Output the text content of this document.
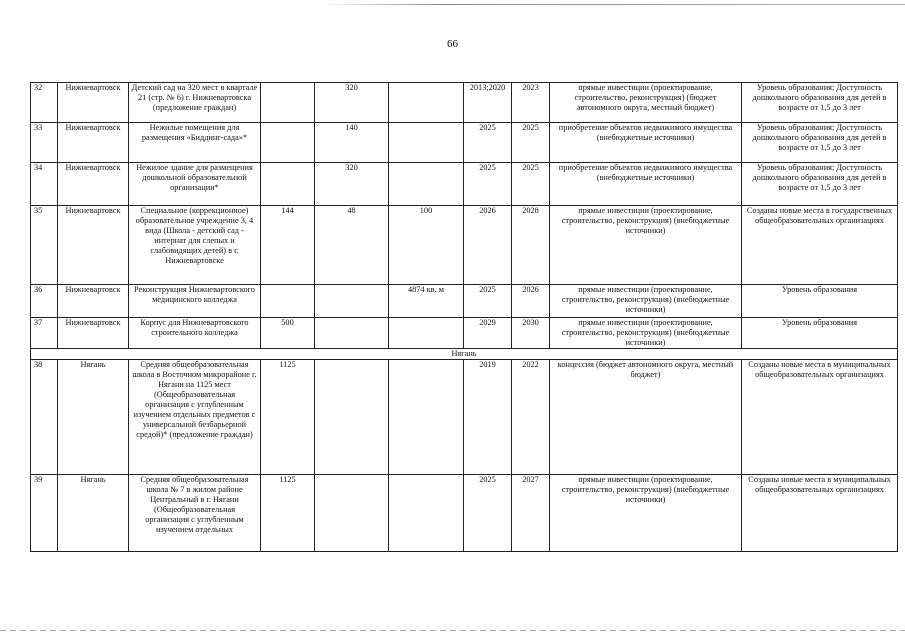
66
32	Нижневартовск	Детский сад на 320 мест в квартале 21 (стр. № 6) г. Нижневартовска (предложение граждан)		320		2013;2020	2023	прямые инвестиции (проектирование, строительство, реконструкция) (бюджет автономного округа, местный бюджет)	Уровень образования; Доступность дошкольного образования для детей в возрасте от 1,5 до 3 лет
33	Нижневартовск	Нежилые помещения для размещения «Биддинг-сада»*		140		2025	2025	приобретение объектов недвижимого имущества (внебюджетные источники)	Уровень образования; Доступность дошкольного образования для детей в возрасте от 1,5 до 3 лет
34	Нижневартовск	Нежилое здание для размещения дошкольной образовательной организации*		320		2025	2025	приобретение объектов недвижимого имущества (внебюджетные источники)	Уровень образования; Доступность дошкольного образования для детей в возрасте от 1,5 до 3 лет
35	Нижневартовск	Специальное (коррекционное) образовательное учреждение 3, 4 вида (Школа - детский сад - интернат для слепых и слабовидящих детей) в г. Нижневартовске	144	48	100	2026	2028	прямые инвестиции (проектирование, строительство, реконструкция) (внебюджетные источники)	Созданы новые места в государственных общеобразовательных организациях
36	Нижневартовск	Реконструкция Нижневартовского медицинского колледжа			4874 кв. м	2025	2026	прямые инвестиции (проектирование, строительство, реконструкция) (внебюджетные источники)	Уровень образования
37	Нижневартовск	Корпус для Нижневартовского строительного колледжа	500			2029	2030	прямые инвестиции (проектирование, строительство, реконструкция) (внебюджетные источники)	Уровень образования
Нягань									
38	Нягань	Средняя общеобразовательная школа в Восточном микрорайоне г. Нягани на 1125 мест (Общеобразовательная организация с углубленным изучением отдельных предметов с универсальной безбарьерной средой)* (предложение граждан)	1125			2019	2022	концессия (бюджет автономного округа, местный бюджет)	Созданы новые места в муниципальных общеобразовательных организациях
39	Нягань	Средняя общеобразовательная школа № 7 в жилом районе Центральный в г. Нягани (Общеобразовательная организация с углубленным изучением отдельных	1125			2025	2027	прямые инвестиции (проектирование, строительство, реконструкция) (внебюджетные источники)	Созданы новые места в муниципальных общеобразовательных организациях
